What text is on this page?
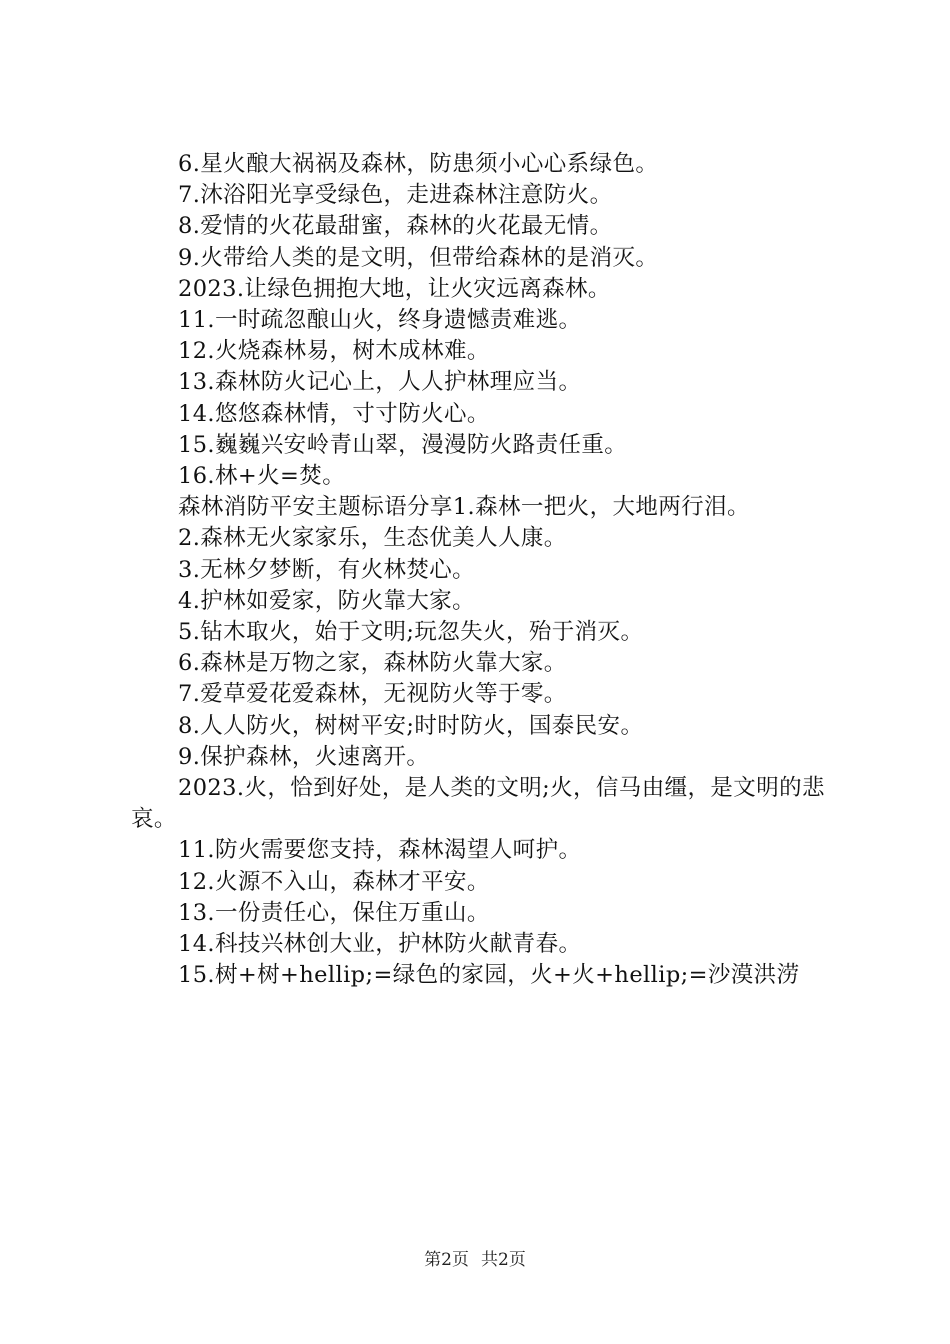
6.星火酿大祸祸及森林，防患须小心心系绿色。
7.沐浴阳光享受绿色，走进森林注意防火。
8.爱情的火花最甜蜜，森林的火花最无情。
9.火带给人类的是文明，但带给森林的是消灭。
2023.让绿色拥抱大地，让火灾远离森林。
11.一时疏忽酿山火，终身遗憾责难逃。
12.火烧森林易，树木成林难。
13.森林防火记心上，人人护林理应当。
14.悠悠森林情，寸寸防火心。
15.巍巍兴安岭青山翠，漫漫防火路责任重。
16.林+火=焚。
森林消防平安主题标语分享1.森林一把火，大地两行泪。
2.森林无火家家乐，生态优美人人康。
3.无林夕梦断，有火林焚心。
4.护林如爱家，防火靠大家。
5.钻木取火，始于文明;玩忽失火，殆于消灭。
6.森林是万物之家，森林防火靠大家。
7.爱草爱花爱森林，无视防火等于零。
8.人人防火，树树平安;时时防火，国泰民安。
9.保护森林，火速离开。
2023.火，恰到好处，是人类的文明;火，信马由缰，是文明的悲哀。
11.防火需要您支持，森林渴望人呵护。
12.火源不入山，森林才平安。
13.一份责任心，保住万重山。
14.科技兴林创大业，护林防火献青春。
15.树+树+hellip;=绿色的家园，火+火+hellip;=沙漠洪涝
第2页 共2页
